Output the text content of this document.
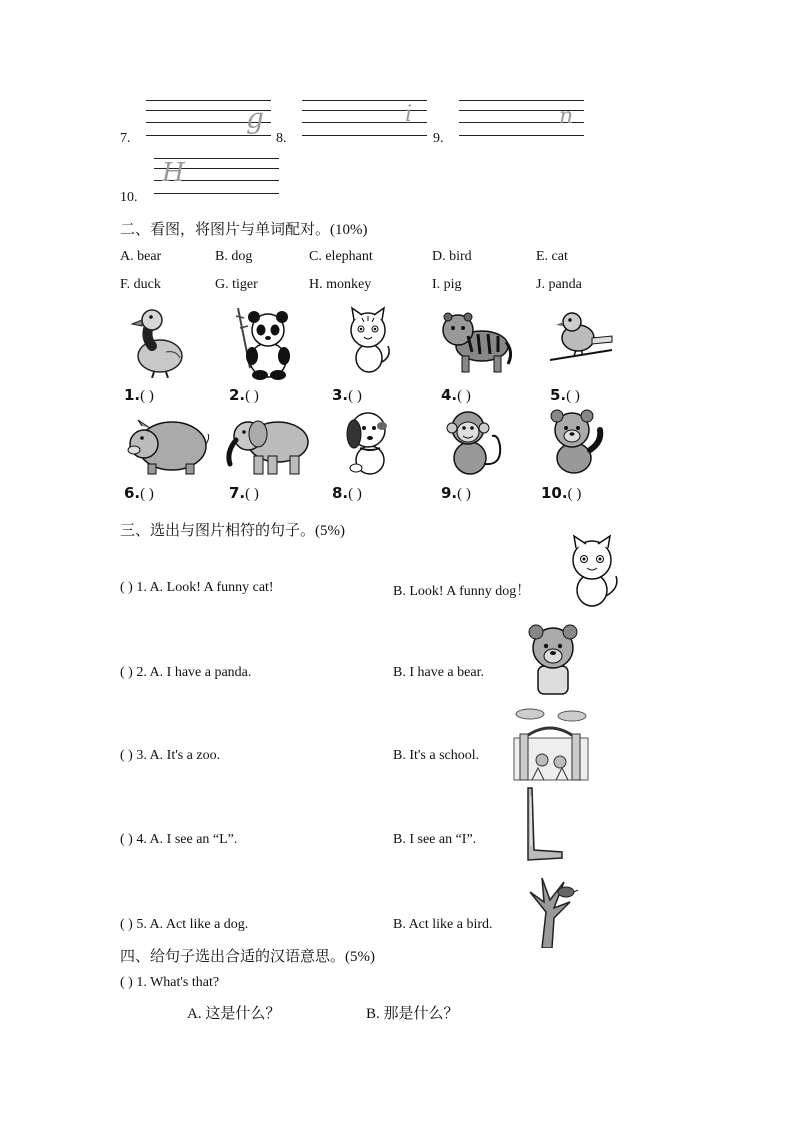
7.
g
8.
i
9.
n
10.
H
二、看图，将图片与单词配对。(10%)
A. bear	B. dog	C. elephant	D. bird	E. cat
F. duck	G. tiger	H. monkey	I. pig	J. panda
1.( )	2.( )	3.( )	4.( )	5.( )
6.( )	7.( )	8.( )	9.( )	10.( )
三、选出与图片相符的句子。(5%)
( ) 1. A. Look! A funny cat!	B. Look! A funny dog！
( ) 2. A. I have a panda.	B. I have a bear.
( ) 3. A. It's a zoo.	B. It's a school.
( ) 4. A. I see an “L”.	B. I see an “I”.
( ) 5. A. Act like a dog.	B. Act like a bird.
四、给句子选出合适的汉语意思。(5%)
( ) 1. What's that?
A. 这是什么？	B. 那是什么？
